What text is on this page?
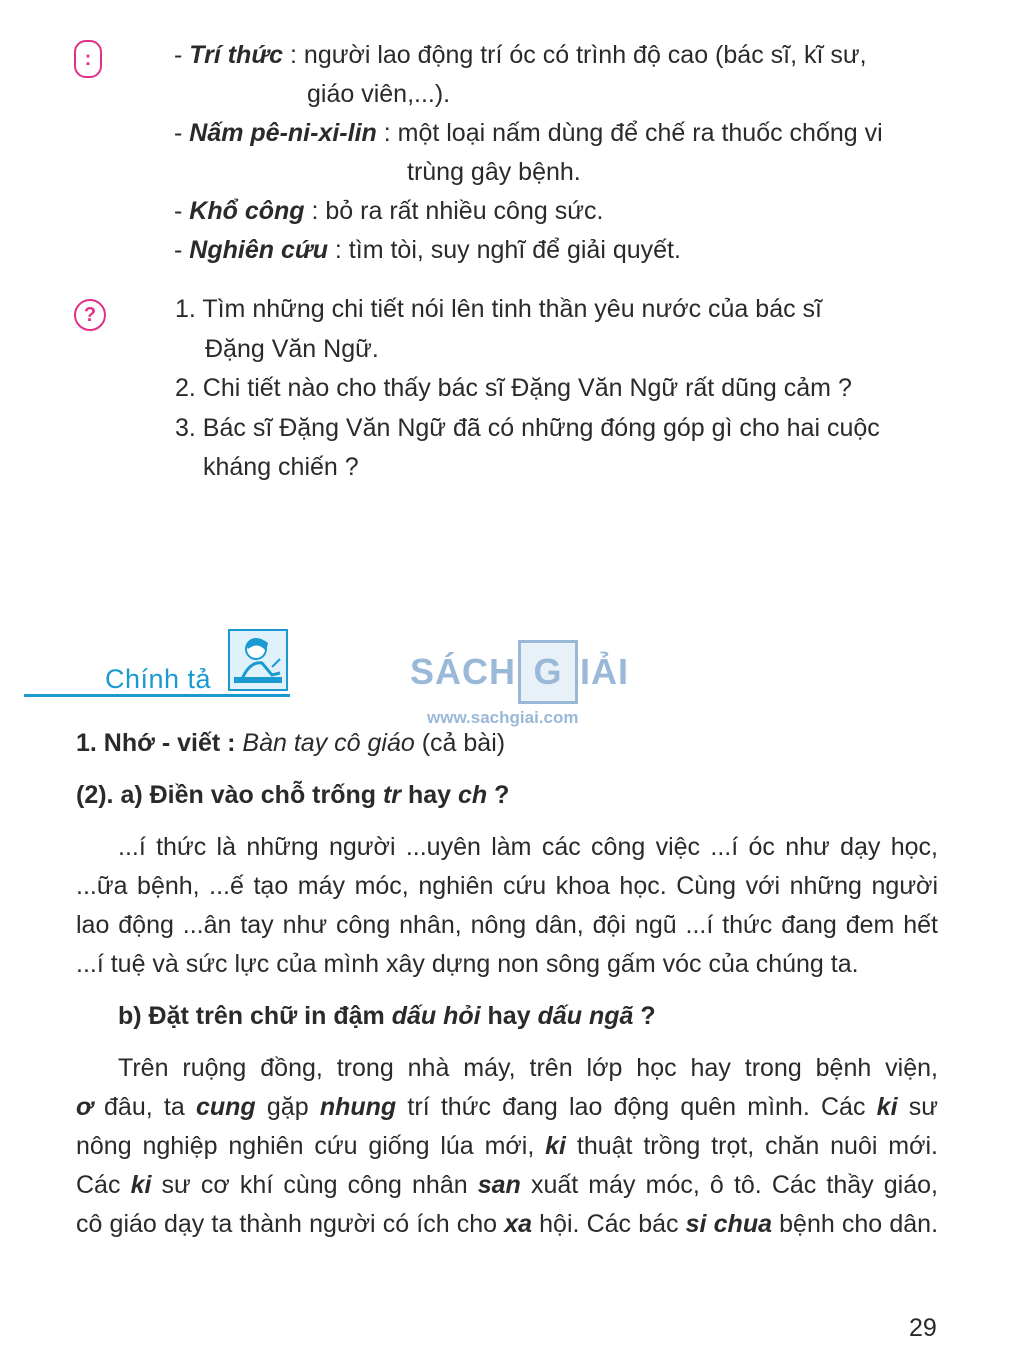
:	- Trí thức : người lao động trí óc có trình độ cao (bác sĩ, kĩ sư,
giáo viên,...).
- Nấm pê-ni-xi-lin : một loại nấm dùng để chế ra thuốc chống vi
trùng gây bệnh.
- Khổ công : bỏ ra rất nhiều công sức.
- Nghiên cứu : tìm tòi, suy nghĩ để giải quyết.
?	1. Tìm những chi tiết nói lên tinh thần yêu nước của bác sĩ
Đặng Văn Ngữ.
2. Chi tiết nào cho thấy bác sĩ Đặng Văn Ngữ rất dũng cảm ?
3. Bác sĩ Đặng Văn Ngữ đã có những đóng góp gì cho hai cuộc
kháng chiến ?
Chính tả	SÁCH G IẢI
www.sachgiai.com
1. Nhớ - viết : Bàn tay cô giáo (cả bài)
(2). a) Điền vào chỗ trống tr hay ch ?
...í thức là những người ...uyên làm các công việc ...í óc như dạy học,
...ữa bệnh, ...ế tạo máy móc, nghiên cứu khoa học. Cùng với những người
lao động ...ân tay như công nhân, nông dân, đội ngũ ...í thức đang đem hết
...í tuệ và sức lực của mình xây dựng non sông gấm vóc của chúng ta.
b) Đặt trên chữ in đậm dấu hỏi hay dấu ngã ?
Trên ruộng đồng, trong nhà máy, trên lớp học hay trong bệnh viện,
ơ đâu, ta cung gặp nhung trí thức đang lao động quên mình. Các ki sư
nông nghiệp nghiên cứu giống lúa mới, ki thuật trồng trọt, chăn nuôi mới.
Các ki sư cơ khí cùng công nhân san xuất máy móc, ô tô. Các thầy giáo,
cô giáo dạy ta thành người có ích cho xa hội. Các bác si chua bệnh cho dân.
29
